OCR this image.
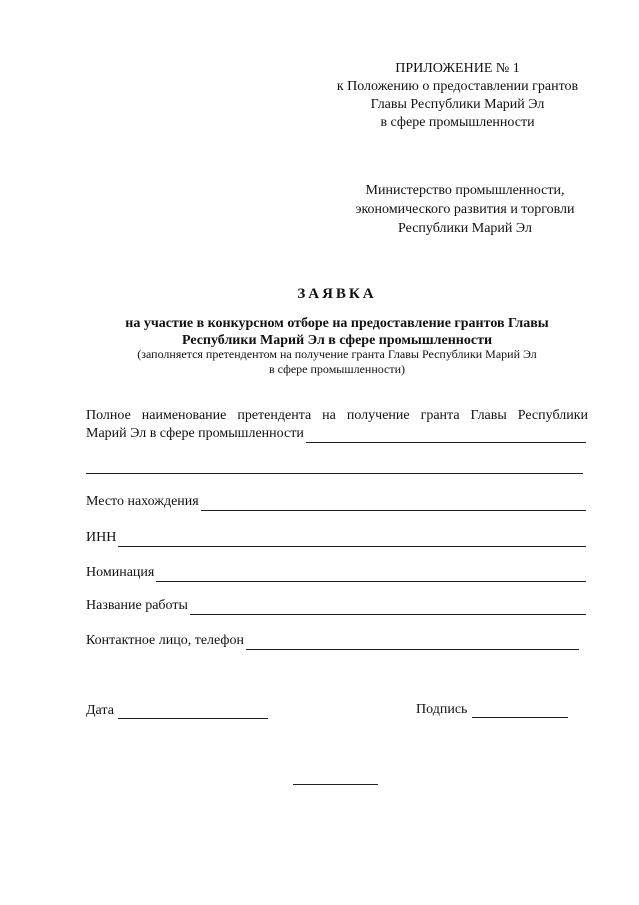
ПРИЛОЖЕНИЕ № 1
к Положению о предоставлении грантов
Главы Республики Марий Эл
в сфере промышленности
Министерство промышленности,
экономического развития и торговли
Республики Марий Эл
ЗАЯВКА
на участие в конкурсном отборе на предоставление грантов Главы
Республики Марий Эл в сфере промышленности
(заполняется претендентом на получение гранта Главы Республики Марий Эл
в сфере промышленности)
Полное наименование претендента на получение гранта Главы Республики
Марий Эл в сфере промышленности
Место нахождения
ИНН
Номинация
Название работы
Контактное лицо, телефон
Дата	Подпись
